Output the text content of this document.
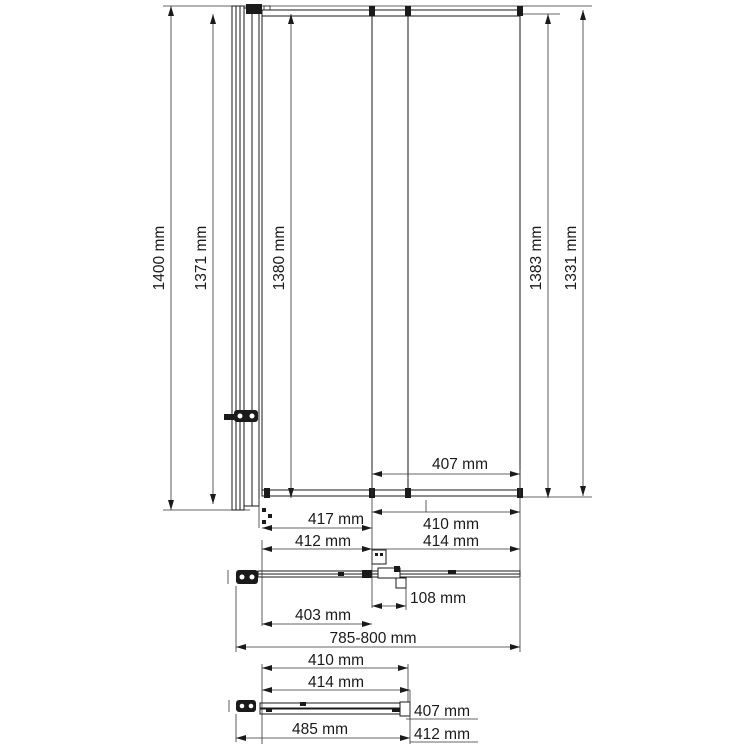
1400 mm 1371 mm	1380 mm	1383 mm 1331 mm
407 mm
417 mm	410 mm
412 mm	414 mm
108 mm
403 mm
785-800 mm
410 mm
414 mm
407 mm
485 mm	412 mm
